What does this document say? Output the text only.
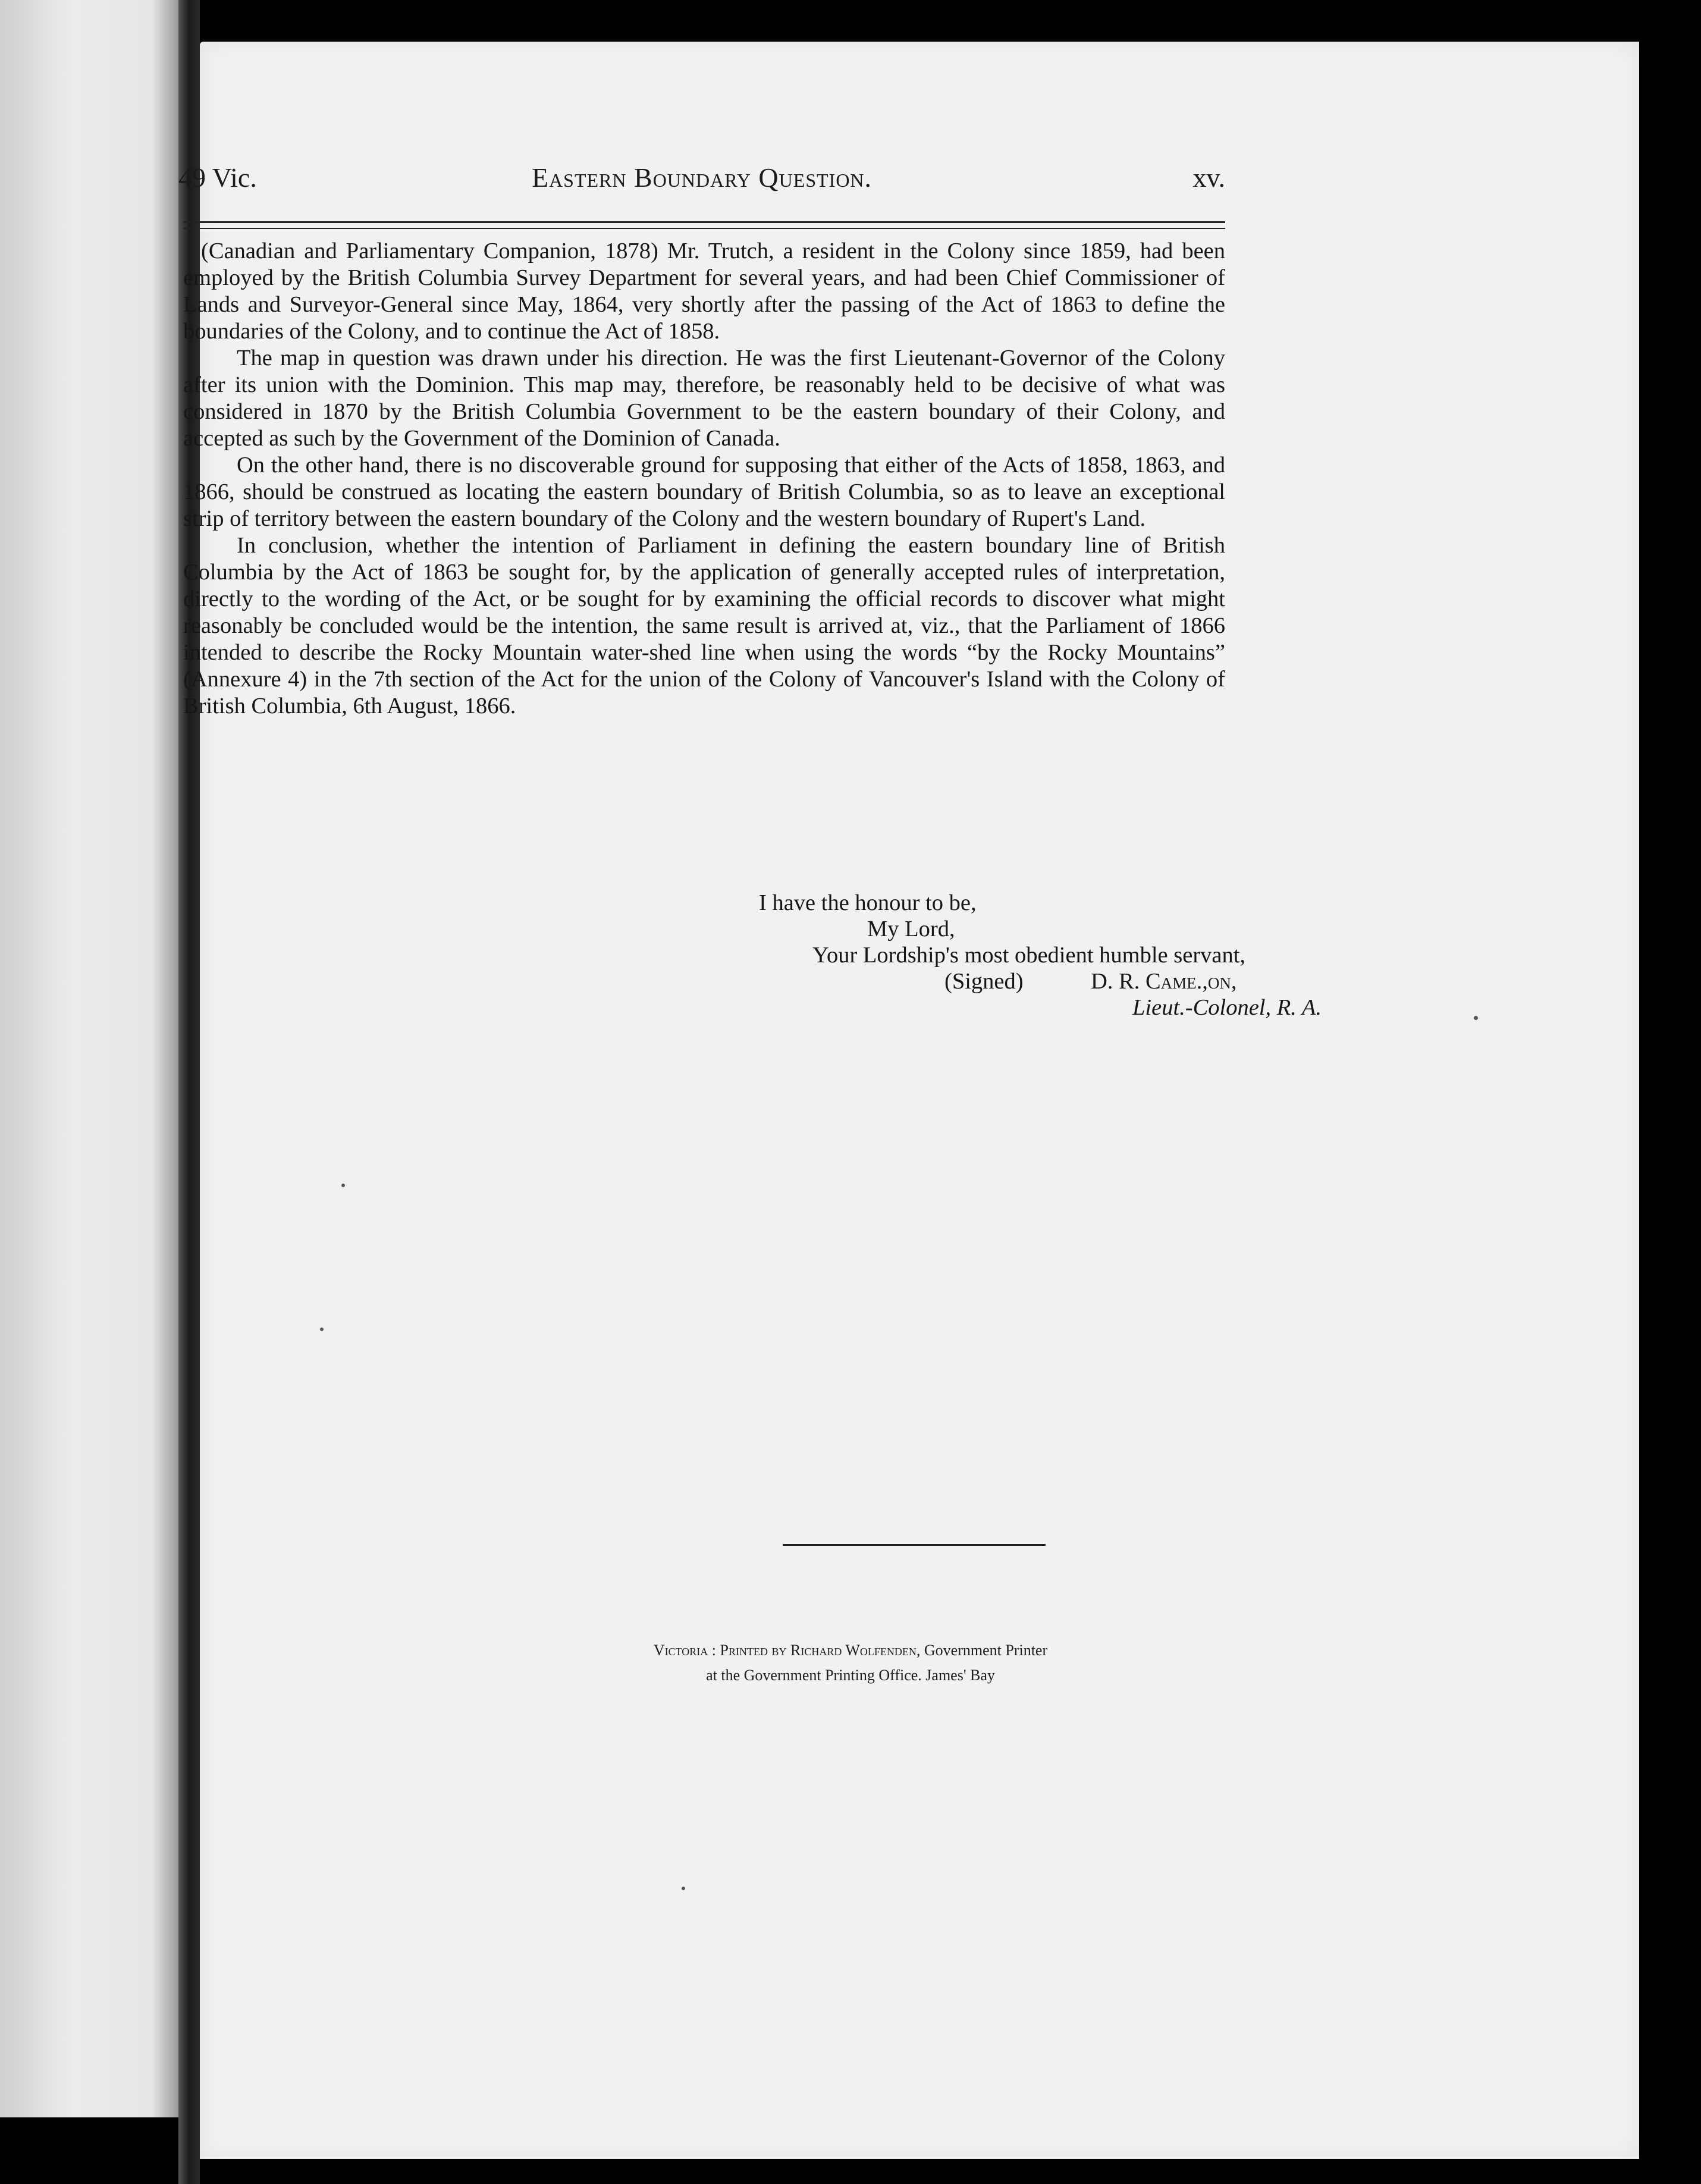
49 Vic.	Eastern Boundary Question.	xv.

(Canadian and Parliamentary Companion, 1878) Mr. Trutch, a resident in the Colony since 1859, had been employed by the British Columbia Survey Department for several years, and had been Chief Commissioner of Lands and Surveyor-General since May, 1864, very shortly after the passing of the Act of 1863 to define the boundaries of the Colony, and to continue the Act of 1858.

The map in question was drawn under his direction. He was the first Lieutenant-Governor of the Colony after its union with the Dominion. This map may, therefore, be reasonably held to be decisive of what was considered in 1870 by the British Columbia Government to be the eastern boundary of their Colony, and accepted as such by the Government of the Dominion of Canada.

On the other hand, there is no discoverable ground for supposing that either of the Acts of 1858, 1863, and 1866, should be construed as locating the eastern boundary of British Columbia, so as to leave an exceptional strip of territory between the eastern boundary of the Colony and the western boundary of Rupert's Land.

In conclusion, whether the intention of Parliament in defining the eastern boundary line of British Columbia by the Act of 1863 be sought for, by the application of generally accepted rules of interpretation, directly to the wording of the Act, or be sought for by examining the official records to discover what might reasonably be concluded would be the intention, the same result is arrived at, viz., that the Parliament of 1866 intended to describe the Rocky Mountain water-shed line when using the words “by the Rocky Mountains” (Annexure 4) in the 7th section of the Act for the union of the Colony of Vancouver's Island with the Colony of British Columbia, 6th August, 1866.

I have the honour to be,
My Lord,
Your Lordship's most obedient humble servant,
(Signed)	D. R. Came.,on,
Lieut.-Colonel, R. A.
Victoria : Printed by Richard Wolfenden, Government Printer
at the Government Printing Office. James' Bay
